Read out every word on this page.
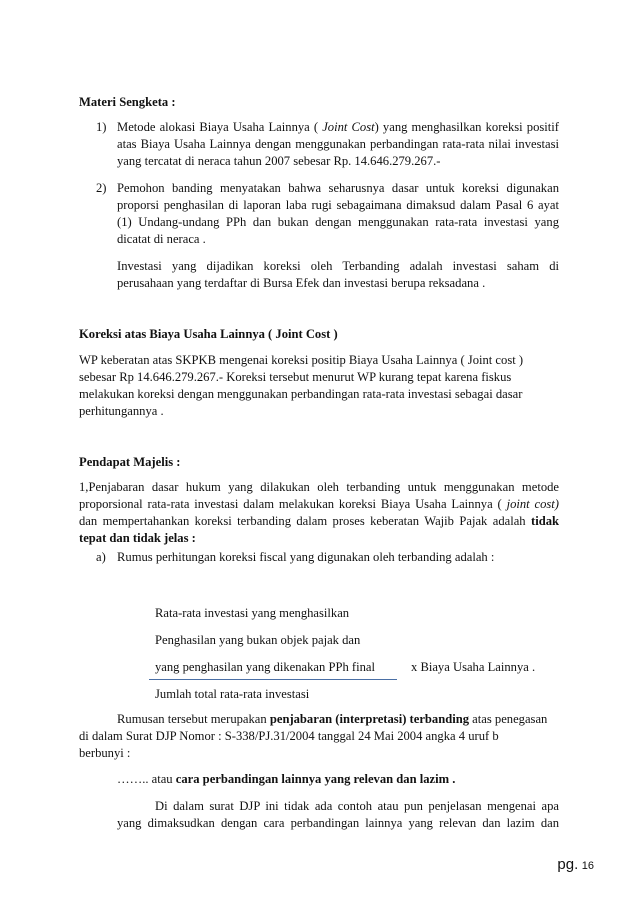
Materi Sengketa :
1) Metode alokasi Biaya Usaha Lainnya ( Joint Cost) yang menghasilkan koreksi positif
atas Biaya Usaha Lainnya dengan menggunakan perbandingan rata-rata nilai investasi
yang tercatat di neraca tahun 2007 sebesar Rp. 14.646.279.267.-
2) Pemohon banding menyatakan bahwa seharusnya dasar untuk koreksi digunakan
proporsi penghasilan di laporan laba rugi sebagaimana dimaksud dalam Pasal 6 ayat
(1) Undang-undang PPh dan bukan dengan menggunakan rata-rata investasi yang
dicatat di neraca .
Investasi yang dijadikan koreksi oleh Terbanding adalah investasi saham di
perusahaan yang terdaftar di Bursa Efek dan investasi berupa reksadana .
Koreksi atas Biaya Usaha Lainnya ( Joint Cost )
WP keberatan atas SKPKB mengenai koreksi positip Biaya Usaha Lainnya ( Joint cost )
sebesar Rp 14.646.279.267.- Koreksi tersebut menurut WP kurang tepat karena fiskus
melakukan koreksi dengan menggunakan perbandingan rata-rata investasi sebagai dasar
perhitungannya .
Pendapat Majelis :
1,Penjabaran dasar hukum yang dilakukan oleh terbanding untuk menggunakan metode
proporsional rata-rata investasi dalam melakukan koreksi Biaya Usaha Lainnya ( joint cost)
dan mempertahankan koreksi terbanding dalam proses keberatan Wajib Pajak adalah tidak
tepat dan tidak jelas :
a) Rumus perhitungan koreksi fiscal yang digunakan oleh terbanding adalah :
Rata-rata investasi yang menghasilkan
Penghasilan yang bukan objek pajak dan
yang penghasilan yang dikenakan PPh final	x Biaya Usaha Lainnya .
Jumlah total rata-rata investasi
Rumusan tersebut merupakan penjabaran (interpretasi) terbanding atas penegasan
di dalam Surat DJP Nomor : S-338/PJ.31/2004 tanggal 24 Mai 2004 angka 4 uruf b
berbunyi :
…….. atau cara perbandingan lainnya yang relevan dan lazim .
Di dalam surat DJP ini tidak ada contoh atau pun penjelasan mengenai apa
yang dimaksudkan dengan cara perbandingan lainnya yang relevan dan lazim dan
pg. 16
